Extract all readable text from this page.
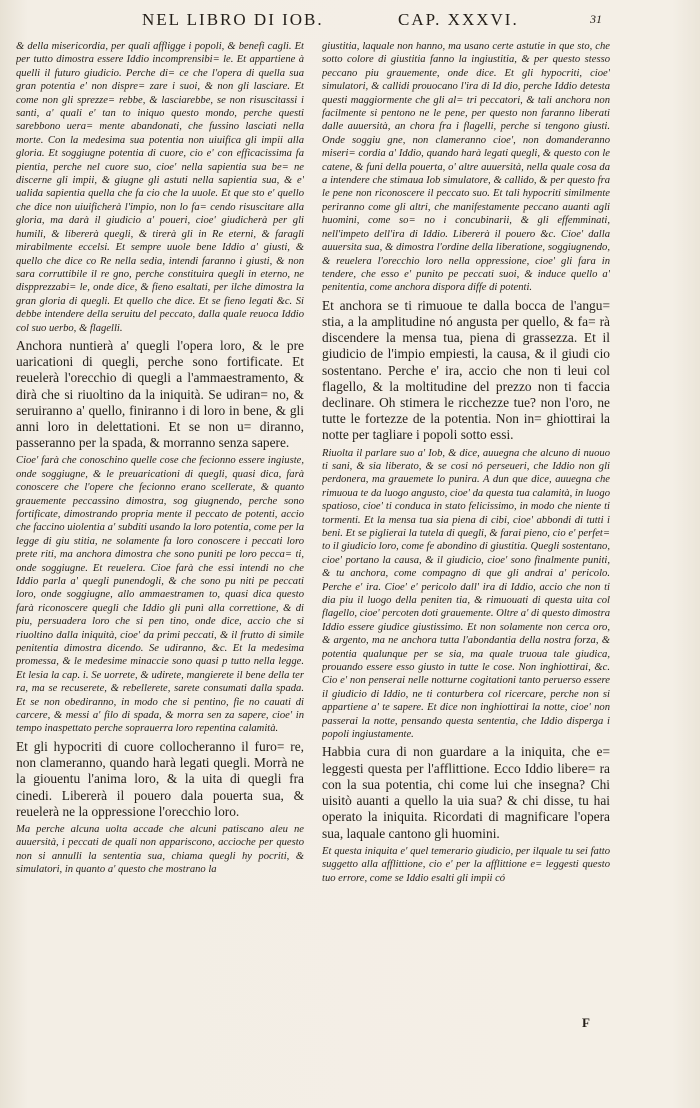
NEL LIBRO DI IOB.	CAP. XXXVI.	31

& della misericordia, per quali affligge i popoli, & benefi cagli. Et per tutto dimostra essere Iddio incomprensibi= le. Et appartiene à quelli il futuro giudicio. Perche di= ce che l'opera di quella sua gran potentia e' non dispre= zare i suoi, & non gli lasciare. Et come non gli sprezze= rebbe, & lasciarebbe, se non risuscitassi i santi, a' quali e' tan to iniquo questo mondo, perche questi sarebbono uera= mente abandonati, che fussino lasciati nella morte. Con la medesima sua potentia non uiuifica gli impii alla gloria. Et soggiugne potentia di cuore, cio e' con efficacissima fa pientia, perche nel cuore suo, cioe' nella sapientia sua be= ne discerne gli impii, & giugne gli astuti nella sapientia sua, & e' ualida sapientia quella che fa cio che la uuole. Et que sto e' quello che dice non uiuificherà l'impio, non lo fa= cendo risuscitare alla gloria, ma darà il giudicio a' poueri, cioe' giudicherà per gli humili, & libererà quegli, & tirerà gli in Re eterni, & faragli mirabilmente eccelsi. Et sempre uuole bene Iddio a' giusti, & quello che dice co Re nella sedia, intendi faranno i giusti, & non sara corruttibile il re gno, perche constituira quegli in eterno, ne dispprezzabi= le, onde dice, & fieno esaltati, per ilche dimostra la gran gloria di quegli. Et quello che dice. Et se fieno legati &c. Si debbe intendere della seruitu del peccato, dalla quale reuoca Iddio col suo uerbo, & flagelli.

Anchora nuntierà a' quegli l'opera loro, & le pre uaricationi di quegli, perche sono fortificate. Et reuelerà l'orecchio di quegli a l'ammaestramento, & dirà che si riuoltino da la iniquità. Se udiran= no, & seruiranno a' quello, finiranno i di loro in bene, & gli anni loro in delettationi. Et se non u= diranno, passeranno per la spada, & morranno senza sapere.

Cioe' farà che conoschino quelle cose che fecionno essere ingiuste, onde soggiugne, & le preuaricationi di quegli, quasi dica, farà conoscere che l'opere che fecionno erano scellerate, & quanto grauemente peccassino dimostra, sog giugnendo, perche sono fortificate, dimostrando propria mente il peccato de potenti, accio che faccino uiolentia a' subditi usando la loro potentia, come per la legge di giu stitia, ne solamente fa loro conoscere i peccati loro prete riti, ma anchora dimostra che sono puniti pe loro pecca= ti, onde soggiugne. Et reuelera. Cioe farà che essi intendi no che Iddio parla a' quegli punendogli, & che sono pu niti pe peccati loro, onde soggiugne, allo ammaestramen to, quasi dica questo farà riconoscere quegli che Iddio gli punì alla correttione, & di piu, persuadera loro che si pen tino, onde dice, accio che si riuoltino dalla iniquità, cioe' da primi peccati, & il frutto di simile penitentia dimostra dicendo. Se udiranno, &c. Et la medesima promessa, & le medesime minaccie sono quasi p tutto nella legge. Et lesia la cap. i. Se uorrete, & udirete, mangierete il bene della ter ra, ma se recuserete, & rebellerete, sarete consumati dalla spada. Et se non obediranno, in modo che si pentino, fie no cauati di carcere, & messi a' filo di spada, & morra sen za sapere, cioe' in tempo inaspettato perche soprauerra loro repentina calamità.

Et gli hypocriti di cuore collocheranno il furo= re, non clameranno, quando harà legati quegli. Morrà ne la giouentu l'anima loro, & la uita di quegli fra cinedi. Libererà il pouero dala pouerta sua, & reuelerà ne la oppressione l'orecchio loro.

Ma perche alcuna uolta accade che alcuni patiscano aleu ne auuersità, i peccati de quali non appariscono, accioche per questo non si annulli la sententia sua, chiama quegli hy pocriti, & simulatori, in quanto a' questo che mostrano la

giustitia, laquale non hanno, ma usano certe astutie in que sto, che sotto colore di giustitia fanno la ingiustitia, & per questo stesso peccano piu grauemente, onde dice. Et gli hypocriti, cioe' simulatori, & callidi prouocano l'ira di Id dio, perche Iddio detesta questi maggiormente che gli al= tri peccatori, & tali anchora non facilmente si pentono ne le pene, per questo non faranno liberati dalle auuersità, an chora fra i flagelli, perche si tengono giusti. Onde soggiu gne, non clameranno cioe', non domanderanno miseri= cordia a' Iddio, quando harà legati quegli, & questo con le catene, & funi della pouerta, o' altre auuersità, nella quale cosa da a intendere che stimaua Iob simulatore, & callido, & per questo fra le pene non riconoscere il peccato suo. Et tali hypocriti similmente periranno come gli altri, che manifestamente peccano auanti agli huomini, come so= no i concubinarii, & gli effemminati, nell'impeto dell'ira di Iddio. Libererà il pouero &c. Cioe' dalla auuersita sua, & dimostra l'ordine della liberatione, soggiugnendo, & reuelera l'orecchio loro nella oppressione, cioe' gli fara in tendere, che esso e' punito pe peccati suoi, & induce quello a' penitentia, come anchora dispora diffe di potenti.

Et anchora se ti rimuoue te dalla bocca de l'angu= stia, a la amplitudine nó angusta per quello, & fa= rà discendere la mensa tua, piena di grassezza. Et il giudicio de l'impio empiesti, la causa, & il giudi cio sostentano. Perche e' ira, accio che non ti leui col flagello, & la moltitudine del prezzo non ti faccia declinare. Oh stimera le ricchezze tue? non l'oro, ne tutte le fortezze de la potentia. Non in= ghiottirai la notte per tagliare i popoli sotto essi.

Riuolta il parlare suo a' Iob, & dice, auuegna che alcuno di nuouo ti sani, & sia liberato, & se cosi nó perseueri, che Iddio non gli perdonera, ma grauemete lo punira. A dun que dice, auuegna che rimuoua te da luogo angusto, cioe' da questa tua calamità, in luogo spatioso, cioe' ti conduca in stato felicissimo, in modo che niente ti tormenti. Et la mensa tua sia piena di cibi, cioe' abbondi di tutti i beni. Et se piglierai la tutela di quegli, & farai pieno, cio e' perfet= to il giudicio loro, come fe abondino di giustitia. Quegli sostentano, cioe' portano la causa, & il giudicio, cioe' sono finalmente puniti, & tu anchora, come compagno di que gli andrai a' pericolo. Perche e' ira. Cioe' e' pericolo dall' ira di Iddio, accio che non ti dia piu il luogo della peniten tia, & rimuouati di questa uita col flagello, cioe' percoten doti grauemente. Oltre a' di questo dimostra Iddio essere giudice giustissimo. Et non solamente non cerca oro, & argento, ma ne anchora tutta l'abondantia della nostra forza, & potentia qualunque per se sia, ma quale truoua tale giudica, prouando essere esso giusto in tutte le cose. Non inghiottirai, &c. Cio e' non penserai nelle notturne cogitationi tanto peruerso essere il giudicio di Iddio, ne ti conturbera col ricercare, perche non si appartiene a' te sapere. Et dice non inghiottirai la notte, cioe' non passerai la notte, pensando questa sententia, che Iddio disperga i popoli ingiustamente.

Habbia cura di non guardare a la iniquita, che e= leggesti questa per l'afflittione. Ecco Iddio libere= ra con la sua potentia, chi come lui che insegna? Chi uisitò auanti a quello la uia sua? & chi disse, tu hai operato la iniquita. Ricordati di magnificare l'opera sua, laquale cantono gli huomini.

Et questa iniquita e' quel temerario giudicio, per ilquale tu sei fatto suggetto alla afflittione, cio e' per la afflittione e= leggesti questo tuo errore, come se Iddio esalti gli impii có

F
